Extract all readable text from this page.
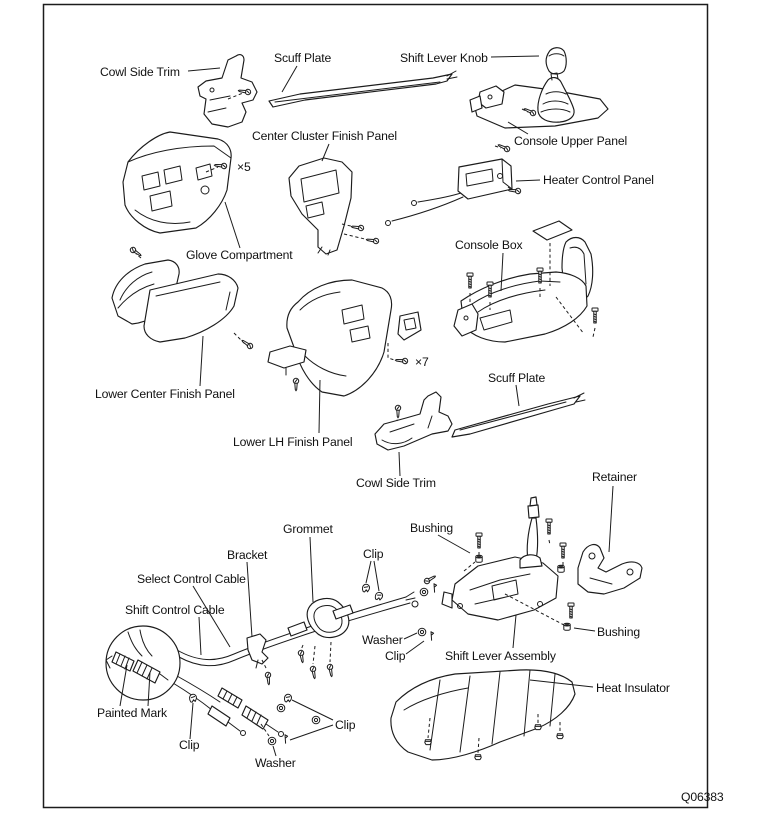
Cowl Side Trim
Scuff Plate	Shift Lever Knob
Center Cluster Finish Panel	Console Upper Panel
Heater Control Panel
×5
Glove Compartment
Console Box
Lower Center Finish Panel
×7
Scuff Plate
Lower LH Finish Panel
Cowl Side Trim	Retainer
Grommet	Bushing
Bracket	Clip
Select Control Cable
Shift Control Cable
Washer
Clip
Bushing
Shift Lever Assembly
Painted Mark
Clip
Clip
Washer
Heat Insulator
Q06383
